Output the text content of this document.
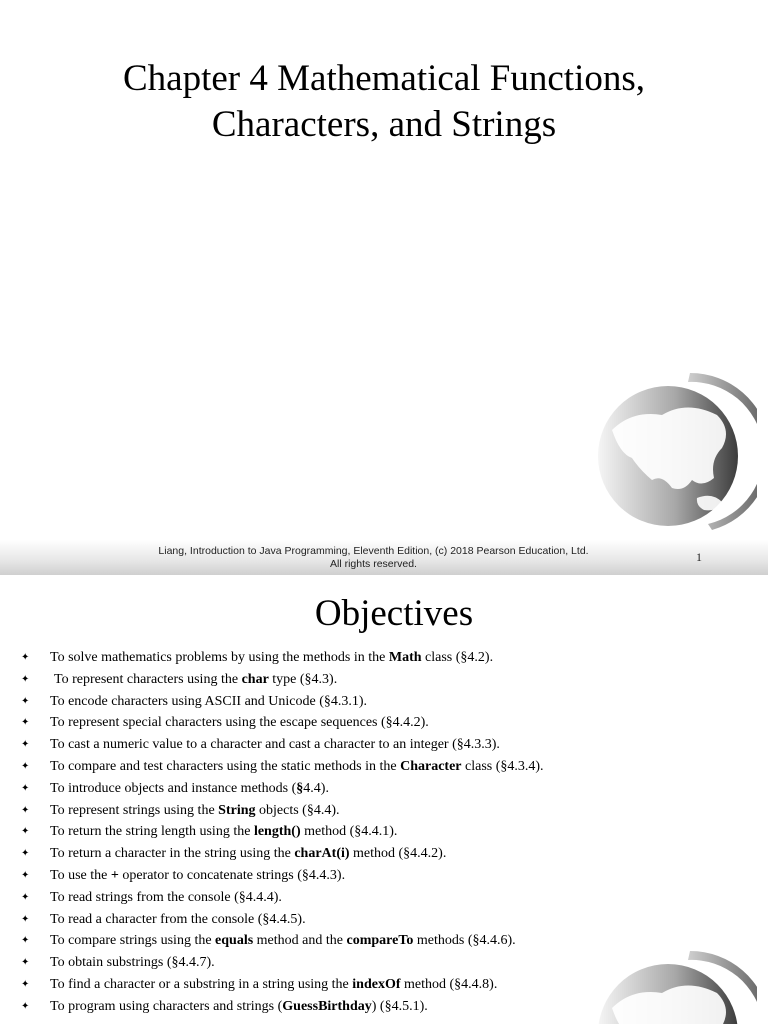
Chapter 4 Mathematical Functions,
Characters, and Strings
Liang, Introduction to Java Programming, Eleventh Edition, (c) 2018 Pearson Education, Ltd.
All rights reserved.	1
Objectives
✦ To solve mathematics problems by using the methods in the Math class (§4.2).
✦ To represent characters using the char type (§4.3).
✦ To encode characters using ASCII and Unicode (§4.3.1).
✦ To represent special characters using the escape sequences (§4.4.2).
✦ To cast a numeric value to a character and cast a character to an integer (§4.3.3).
✦ To compare and test characters using the static methods in the Character class (§4.3.4).
✦ To introduce objects and instance methods (§4.4).
✦ To represent strings using the String objects (§4.4).
✦ To return the string length using the length() method (§4.4.1).
✦ To return a character in the string using the charAt(i) method (§4.4.2).
✦ To use the + operator to concatenate strings (§4.4.3).
✦ To read strings from the console (§4.4.4).
✦ To read a character from the console (§4.4.5).
✦ To compare strings using the equals method and the compareTo methods (§4.4.6).
✦ To obtain substrings (§4.4.7).
✦ To find a character or a substring in a string using the indexOf method (§4.4.8).
✦ To program using characters and strings (GuessBirthday) (§4.5.1).
